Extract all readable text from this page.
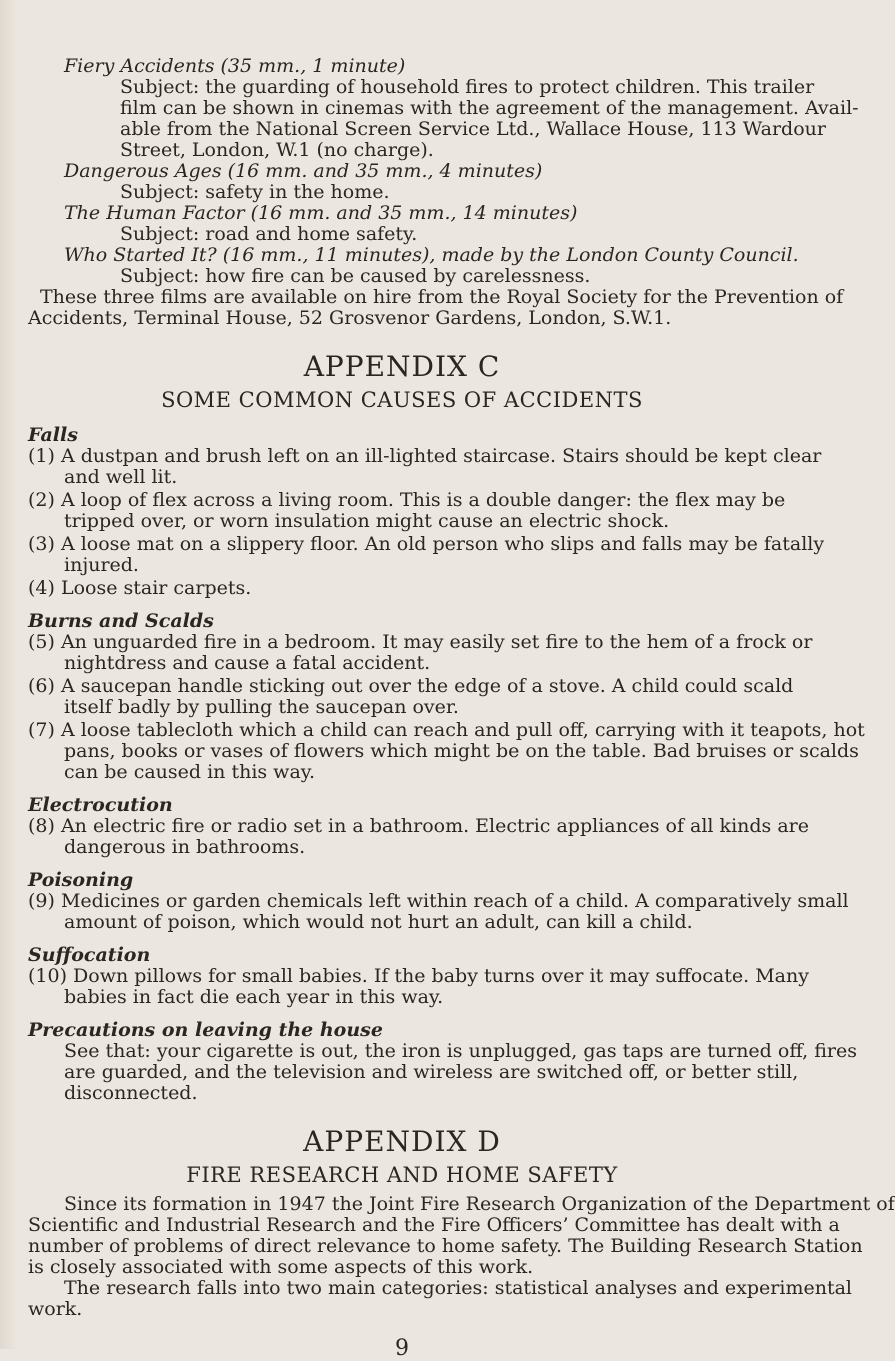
Fiery Accidents (35 mm., 1 minute)

Subject: the guarding of household fires to protect children. This trailer

film can be shown in cinemas with the agreement of the management. Avail-

able from the National Screen Service Ltd., Wallace House, 113 Wardour

Street, London, W.1 (no charge).

Dangerous Ages (16 mm. and 35 mm., 4 minutes)

Subject: safety in the home.

The Human Factor (16 mm. and 35 mm., 14 minutes)

Subject: road and home safety.

Who Started It? (16 mm., 11 minutes), made by the London County Council.

Subject: how fire can be caused by carelessness.

These three films are available on hire from the Royal Society for the Prevention of

Accidents, Terminal House, 52 Grosvenor Gardens, London, S.W.1.

APPENDIX C
SOME COMMON CAUSES OF ACCIDENTS

Falls

(1) A dustpan and brush left on an ill-lighted staircase. Stairs should be kept clear

and well lit.

(2) A loop of flex across a living room. This is a double danger: the flex may be

tripped over, or worn insulation might cause an electric shock.

(3) A loose mat on a slippery floor. An old person who slips and falls may be fatally

injured.

(4) Loose stair carpets.

Burns and Scalds

(5) An unguarded fire in a bedroom. It may easily set fire to the hem of a frock or

nightdress and cause a fatal accident.

(6) A saucepan handle sticking out over the edge of a stove. A child could scald

itself badly by pulling the saucepan over.

(7) A loose tablecloth which a child can reach and pull off, carrying with it teapots, hot

pans, books or vases of flowers which might be on the table. Bad bruises or scalds

can be caused in this way.

Electrocution

(8) An electric fire or radio set in a bathroom. Electric appliances of all kinds are

dangerous in bathrooms.

Poisoning

(9) Medicines or garden chemicals left within reach of a child. A comparatively small

amount of poison, which would not hurt an adult, can kill a child.

Suffocation

(10) Down pillows for small babies. If the baby turns over it may suffocate. Many

babies in fact die each year in this way.

Precautions on leaving the house

See that: your cigarette is out, the iron is unplugged, gas taps are turned off, fires

are guarded, and the television and wireless are switched off, or better still,

disconnected.

APPENDIX D
FIRE RESEARCH AND HOME SAFETY

Since its formation in 1947 the Joint Fire Research Organization of the Department of

Scientific and Industrial Research and the Fire Officers’ Committee has dealt with a

number of problems of direct relevance to home safety. The Building Research Station

is closely associated with some aspects of this work.

The research falls into two main categories: statistical analyses and experimental

work.

9
